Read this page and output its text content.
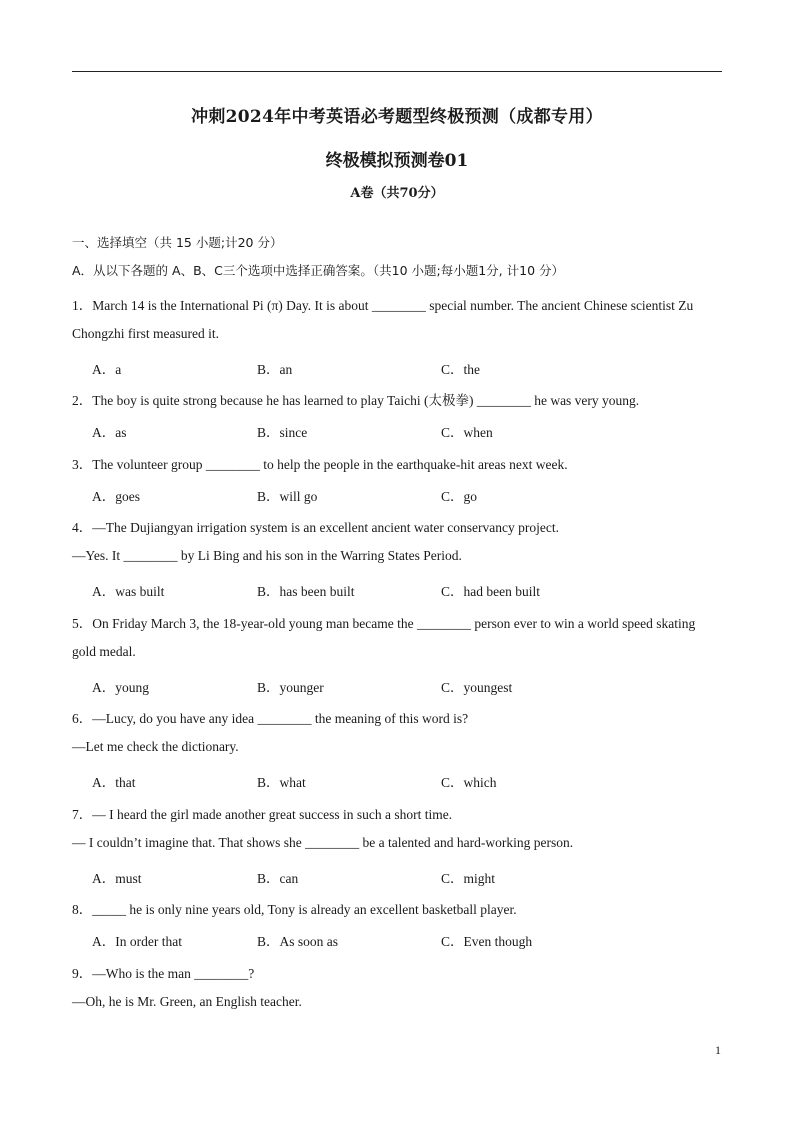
冲刺2024年中考英语必考题型终极预测（成都专用）
终极模拟预测卷01
A卷（共70分）
一、选择填空（共 15 小题;计20 分）
A．从以下各题的 A、B、C三个选项中选择正确答案。（共10 小题;每小题1分, 计10 分）
1．March 14 is the International Pi (π) Day. It is about ________ special number. The ancient Chinese scientist Zu
Chongzhi first measured it.
A．a	B．an	C．the
2．The boy is quite strong because he has learned to play Taichi (太极拳) ________ he was very young.
A．as	B．since	C．when
3．The volunteer group ________ to help the people in the earthquake-hit areas next week.
A．goes	B．will go	C．go
4．—The Dujiangyan irrigation system is an excellent ancient water conservancy project.
—Yes. It ________ by Li Bing and his son in the Warring States Period.
A．was built	B．has been built	C．had been built
5．On Friday March 3, the 18-year-old young man became the ________ person ever to win a world speed skating
gold medal.
A．young	B．younger	C．youngest
6．—Lucy, do you have any idea ________ the meaning of this word is?
—Let me check the dictionary.
A．that	B．what	C．which
7．— I heard the girl made another great success in such a short time.
— I couldn’t imagine that. That shows she ________ be a talented and hard-working person.
A．must	B．can	C．might
8．_____ he is only nine years old, Tony is already an excellent basketball player.
A．In order that	B．As soon as	C．Even though
9．—Who is the man ________?
—Oh, he is Mr. Green, an English teacher.
1
